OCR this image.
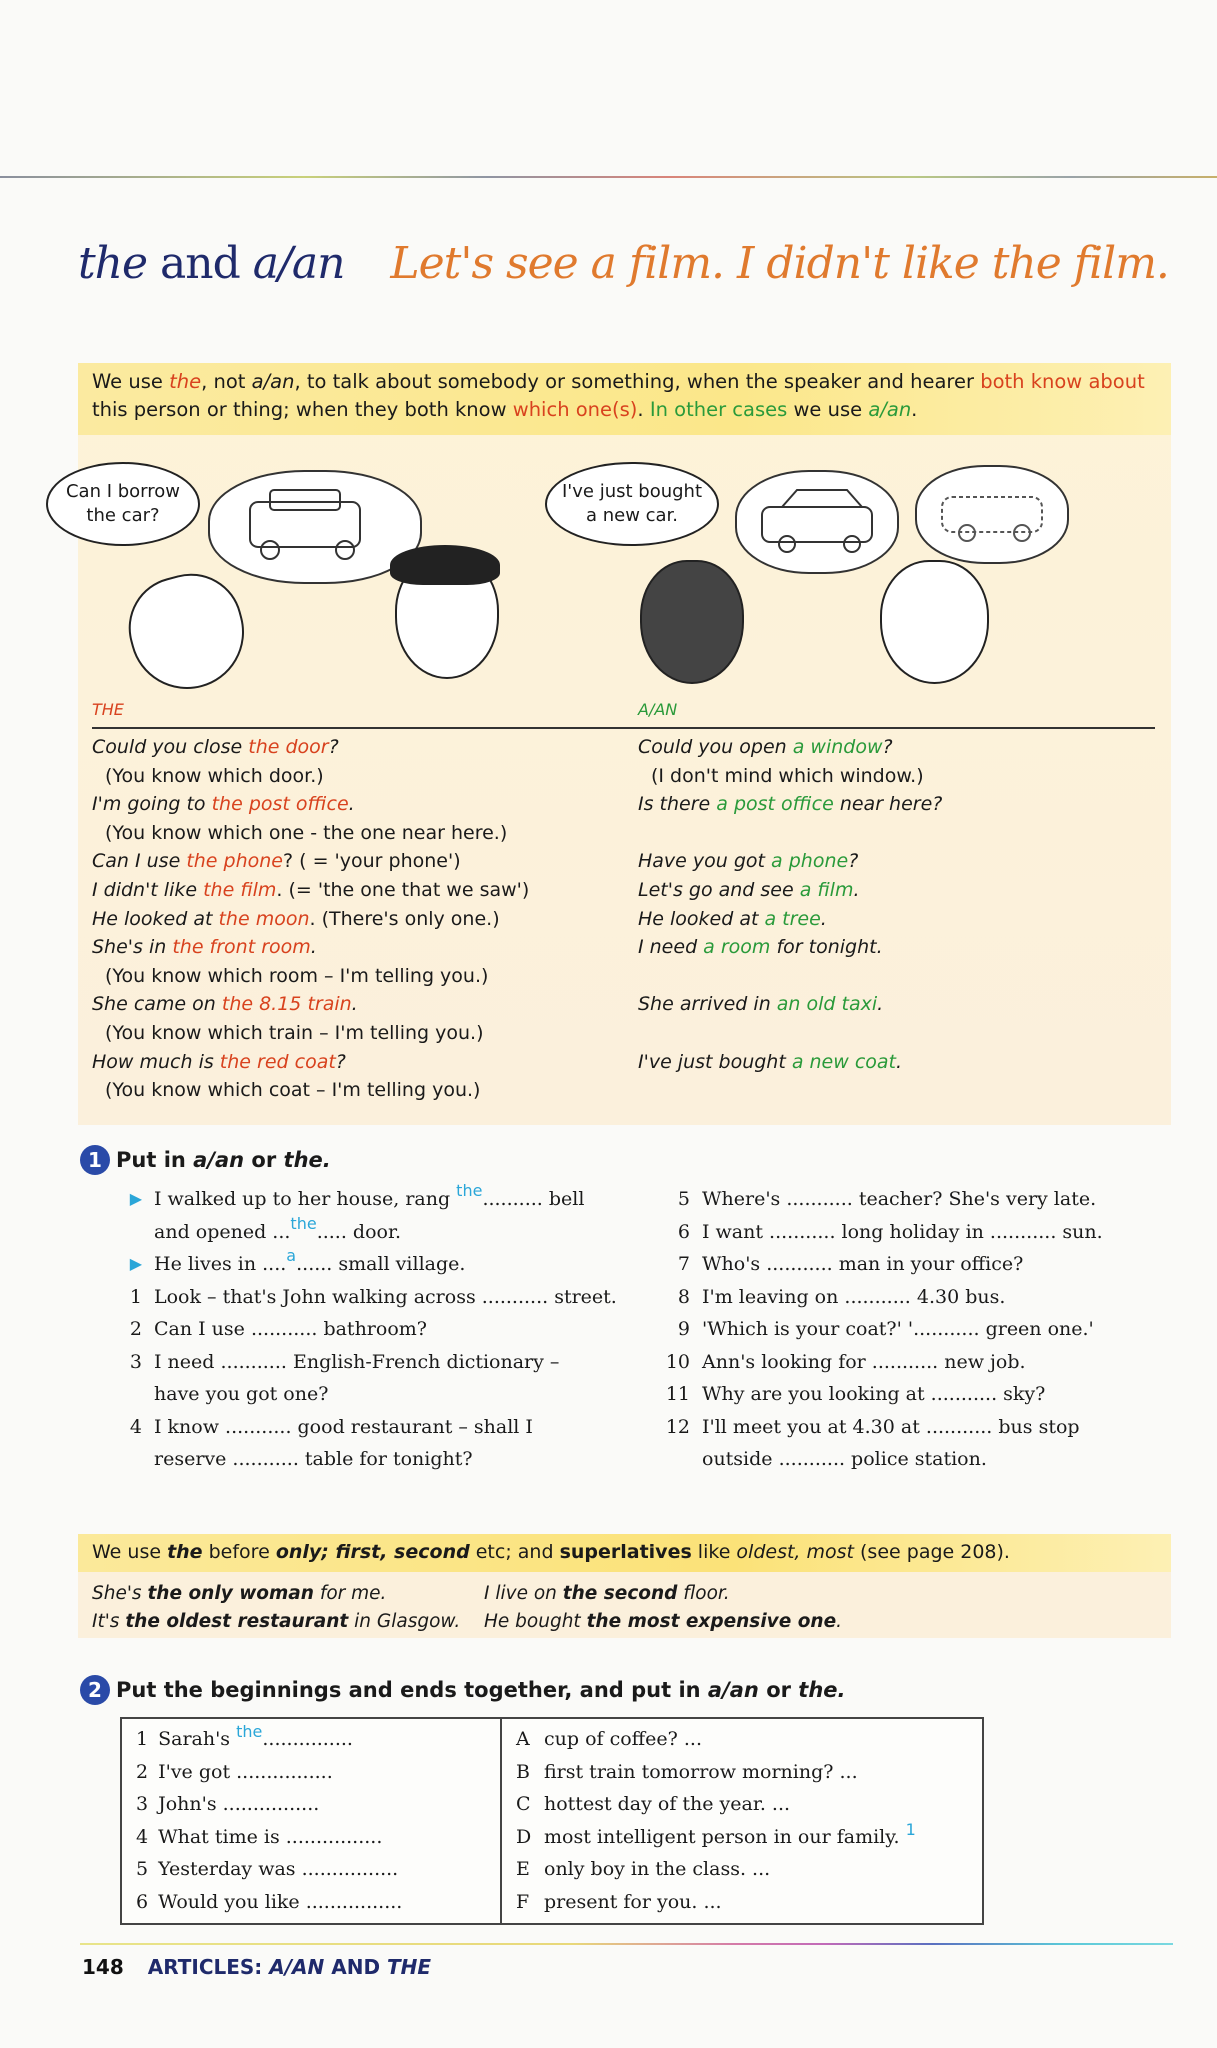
the and a/an Let's see a film. I didn't like the film.
We use the, not a/an, to talk about somebody or something, when the speaker and hearer both know about this person or thing; when they both know which one(s). In other cases we use a/an.
Can I borrow the car?
I've just bought a new car.
THE
Could you close the door?
(You know which door.)
I'm going to the post office.
(You know which one - the one near here.)
Can I use the phone? ( = 'your phone')
I didn't like the film. (= 'the one that we saw')
He looked at the moon. (There's only one.)
She's in the front room.
(You know which room – I'm telling you.)
She came on the 8.15 train.
(You know which train – I'm telling you.)
How much is the red coat?
(You know which coat – I'm telling you.)
A/AN
Could you open a window?
(I don't mind which window.)
Is there a post office near here?
Have you got a phone?
Let's go and see a film.
He looked at a tree.
I need a room for tonight.
She arrived in an old taxi.
I've just bought a new coat.
1 Put in a/an or the.
▶ I walked up to her house, rang the .......... bell
and opened ... the ..... door.
▶ He lives in .... a ...... small village.
1 Look – that's John walking across ........... street.
2 Can I use ........... bathroom?
3 I need ........... English-French dictionary –
have you got one?
4 I know ........... good restaurant – shall I
reserve ........... table for tonight?
5 Where's ........... teacher? She's very late.
6 I want ........... long holiday in ........... sun.
7 Who's ........... man in your office?
8 I'm leaving on ........... 4.30 bus.
9 'Which is your coat?' '........... green one.'
10 Ann's looking for ........... new job.
11 Why are you looking at ........... sky?
12 I'll meet you at 4.30 at ........... bus stop
outside ........... police station.
We use the before only; first, second etc; and superlatives like oldest, most (see page 208).
She's the only woman for me.
It's the oldest restaurant in Glasgow.
I live on the second floor.
He bought the most expensive one.
2 Put the beginnings and ends together, and put in a/an or the.
1 Sarah's $^{the}$...............
2 I've got ................
3 John's ................
4 What time is ................
5 Yesterday was ................
6 Would you like ................
A cup of coffee? ...
B first train tomorrow morning? ...
C hottest day of the year. ...
D most intelligent person in our family. $^1$
E only boy in the class. ...
F present for you. ...
148 ARTICLES: A/AN AND THE
